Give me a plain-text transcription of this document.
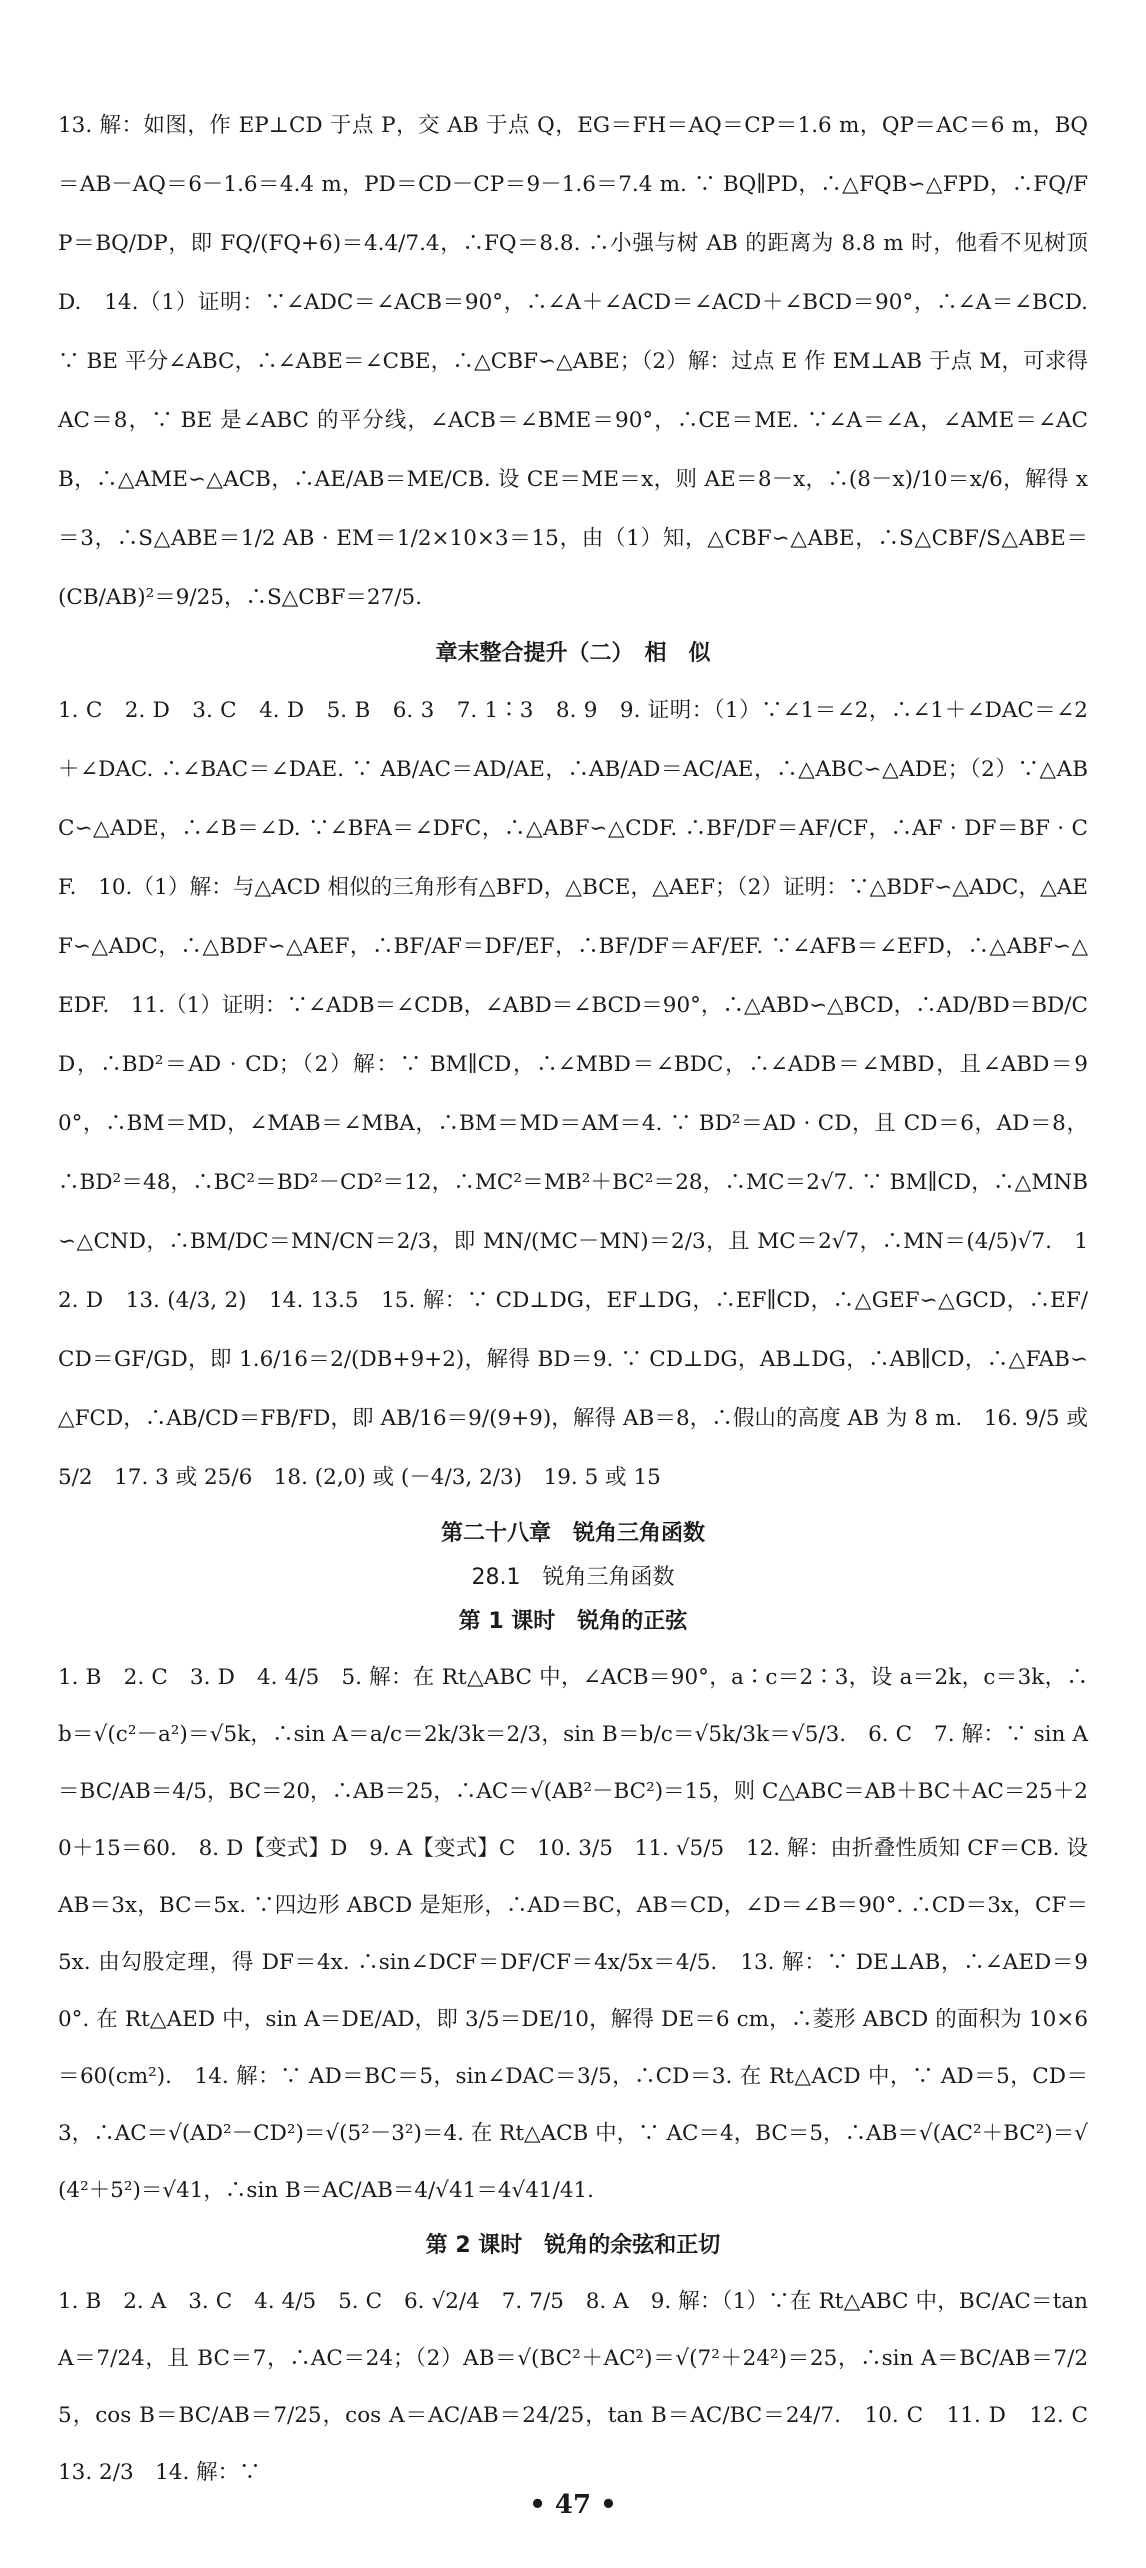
13. 解：如图，作 EP⊥CD 于点 P，交 AB 于点 Q，EG＝FH＝AQ＝CP＝1.6 m，QP＝AC＝6 m，BQ＝AB－AQ＝6－1.6＝4.4 m，PD＝CD－CP＝9－1.6＝7.4 m. ∵ BQ∥PD，∴△FQB∽△FPD，∴FQ/FP＝BQ/DP，即 FQ/(FQ+6)＝4.4/7.4，∴FQ＝8.8. ∴小强与树 AB 的距离为 8.8 m 时，他看不见树顶 D.　14.（1）证明：∵∠ADC＝∠ACB＝90°，∴∠A＋∠ACD＝∠ACD＋∠BCD＝90°，∴∠A＝∠BCD. ∵ BE 平分∠ABC，∴∠ABE＝∠CBE，∴△CBF∽△ABE；（2）解：过点 E 作 EM⊥AB 于点 M，可求得 AC＝8，∵ BE 是∠ABC 的平分线，∠ACB＝∠BME＝90°，∴CE＝ME. ∵∠A＝∠A，∠AME＝∠ACB，∴△AME∽△ACB，∴AE/AB＝ME/CB. 设 CE＝ME＝x，则 AE＝8－x，∴(8－x)/10＝x/6，解得 x＝3，∴S△ABE＝1/2 AB · EM＝1/2×10×3＝15，由（1）知，△CBF∽△ABE，∴S△CBF/S△ABE＝(CB/AB)²＝9/25，∴S△CBF＝27/5.

章末整合提升（二）　相　似

1. C　2. D　3. C　4. D　5. B　6. 3　7. 1∶3　8. 9　9. 证明：（1）∵∠1＝∠2，∴∠1＋∠DAC＝∠2＋∠DAC. ∴∠BAC＝∠DAE. ∵ AB/AC＝AD/AE，∴AB/AD＝AC/AE，∴△ABC∽△ADE；（2）∵△ABC∽△ADE，∴∠B＝∠D. ∵∠BFA＝∠DFC，∴△ABF∽△CDF. ∴BF/DF＝AF/CF，∴AF · DF＝BF · CF.　10.（1）解：与△ACD 相似的三角形有△BFD，△BCE，△AEF；（2）证明：∵△BDF∽△ADC，△AEF∽△ADC，∴△BDF∽△AEF，∴BF/AF＝DF/EF，∴BF/DF＝AF/EF. ∵∠AFB＝∠EFD，∴△ABF∽△EDF.　11.（1）证明：∵∠ADB＝∠CDB，∠ABD＝∠BCD＝90°，∴△ABD∽△BCD，∴AD/BD＝BD/CD，∴BD²＝AD · CD；（2）解：∵ BM∥CD，∴∠MBD＝∠BDC，∴∠ADB＝∠MBD，且∠ABD＝90°，∴BM＝MD，∠MAB＝∠MBA，∴BM＝MD＝AM＝4. ∵ BD²＝AD · CD，且 CD＝6，AD＝8，∴BD²＝48，∴BC²＝BD²－CD²＝12，∴MC²＝MB²＋BC²＝28，∴MC＝2√7. ∵ BM∥CD，∴△MNB∽△CND，∴BM/DC＝MN/CN＝2/3，即 MN/(MC－MN)＝2/3，且 MC＝2√7，∴MN＝(4/5)√7.　12. D　13. (4/3, 2)　14. 13.5　15. 解：∵ CD⊥DG，EF⊥DG，∴EF∥CD，∴△GEF∽△GCD，∴EF/CD＝GF/GD，即 1.6/16＝2/(DB+9+2)，解得 BD＝9. ∵ CD⊥DG，AB⊥DG，∴AB∥CD，∴△FAB∽△FCD，∴AB/CD＝FB/FD，即 AB/16＝9/(9+9)，解得 AB＝8，∴假山的高度 AB 为 8 m.　16. 9/5 或 5/2　17. 3 或 25/6　18. (2,0) 或 (－4/3, 2/3)　19. 5 或 15

第二十八章　锐角三角函数
28.1　锐角三角函数
第 1 课时　锐角的正弦

1. B　2. C　3. D　4. 4/5　5. 解：在 Rt△ABC 中，∠ACB＝90°，a∶c＝2∶3，设 a＝2k，c＝3k，∴b＝√(c²－a²)＝√5k，∴sin A＝a/c＝2k/3k＝2/3，sin B＝b/c＝√5k/3k＝√5/3.　6. C　7. 解：∵ sin A＝BC/AB＝4/5，BC＝20，∴AB＝25，∴AC＝√(AB²－BC²)＝15，则 C△ABC＝AB＋BC＋AC＝25＋20＋15＝60.　8. D【变式】D　9. A【变式】C　10. 3/5　11. √5/5　12. 解：由折叠性质知 CF＝CB. 设 AB＝3x，BC＝5x. ∵四边形 ABCD 是矩形，∴AD＝BC，AB＝CD，∠D＝∠B＝90°. ∴CD＝3x，CF＝5x. 由勾股定理，得 DF＝4x. ∴sin∠DCF＝DF/CF＝4x/5x＝4/5.　13. 解：∵ DE⊥AB，∴∠AED＝90°. 在 Rt△AED 中，sin A＝DE/AD，即 3/5＝DE/10，解得 DE＝6 cm，∴菱形 ABCD 的面积为 10×6＝60(cm²).　14. 解：∵ AD＝BC＝5，sin∠DAC＝3/5，∴CD＝3. 在 Rt△ACD 中，∵ AD＝5，CD＝3，∴AC＝√(AD²－CD²)＝√(5²－3²)＝4. 在 Rt△ACB 中，∵ AC＝4，BC＝5，∴AB＝√(AC²＋BC²)＝√(4²＋5²)＝√41，∴sin B＝AC/AB＝4/√41＝4√41/41.

第 2 课时　锐角的余弦和正切

1. B　2. A　3. C　4. 4/5　5. C　6. √2/4　7. 7/5　8. A　9. 解：（1）∵在 Rt△ABC 中，BC/AC＝tan A＝7/24，且 BC＝7，∴AC＝24；（2）AB＝√(BC²＋AC²)＝√(7²＋24²)＝25，∴sin A＝BC/AB＝7/25，cos B＝BC/AB＝7/25，cos A＝AC/AB＝24/25，tan B＝AC/BC＝24/7.　10. C　11. D　12. C　13. 2/3　14. 解：∵

• 47 •
